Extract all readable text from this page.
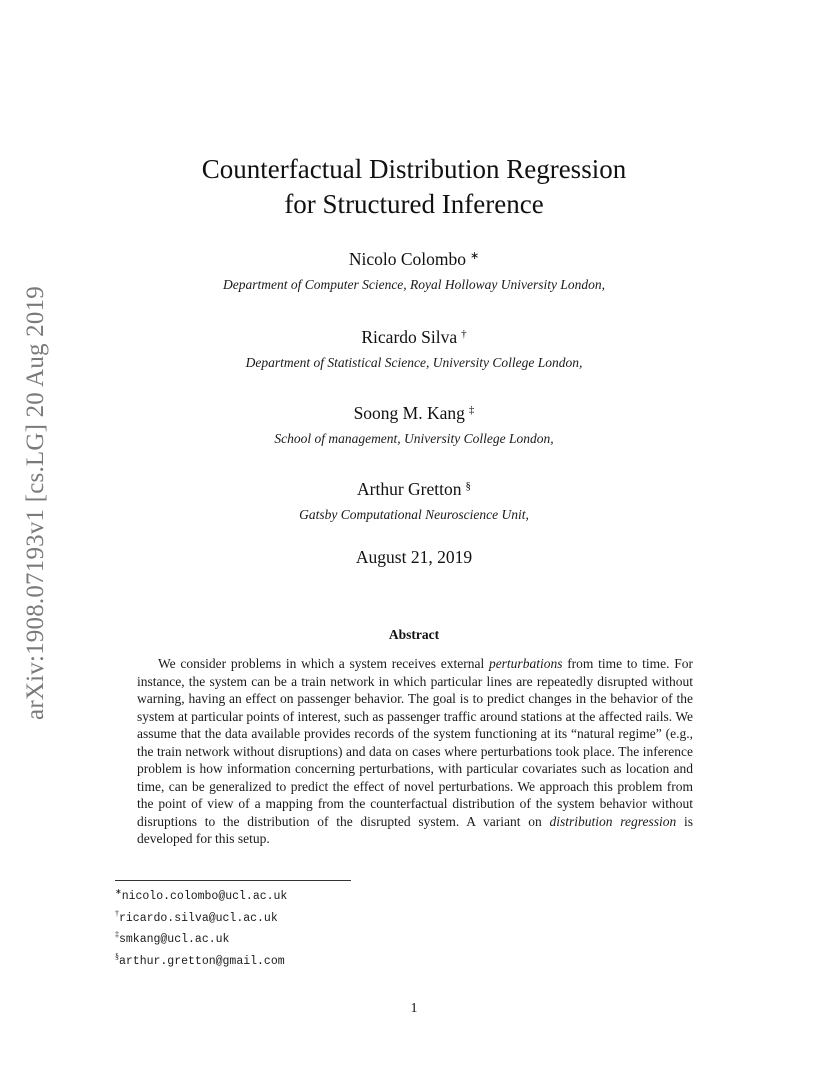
arXiv:1908.07193v1 [cs.LG] 20 Aug 2019
Counterfactual Distribution Regression
for Structured Inference
Nicolo Colombo ∗
Department of Computer Science, Royal Holloway University London,
Ricardo Silva †
Department of Statistical Science, University College London,
Soong M. Kang ‡
School of management, University College London,
Arthur Gretton §
Gatsby Computational Neuroscience Unit,
August 21, 2019
Abstract

We consider problems in which a system receives external perturbations from time to time. For instance, the system can be a train network in which particular lines are repeatedly disrupted without warning, having an effect on passenger behavior. The goal is to predict changes in the behavior of the system at particular points of interest, such as passenger traffic around stations at the affected rails. We assume that the data available provides records of the system functioning at its “natural regime” (e.g., the train network without disruptions) and data on cases where perturbations took place. The inference problem is how information concerning perturbations, with particular covariates such as location and time, can be generalized to predict the effect of novel perturbations. We approach this problem from the point of view of a mapping from the counterfactual distribution of the system behavior without disruptions to the distribution of the disrupted system. A variant on distribution regression is developed for this setup.

∗nicolo.colombo@ucl.ac.uk
†ricardo.silva@ucl.ac.uk
‡smkang@ucl.ac.uk
§arthur.gretton@gmail.com
1
